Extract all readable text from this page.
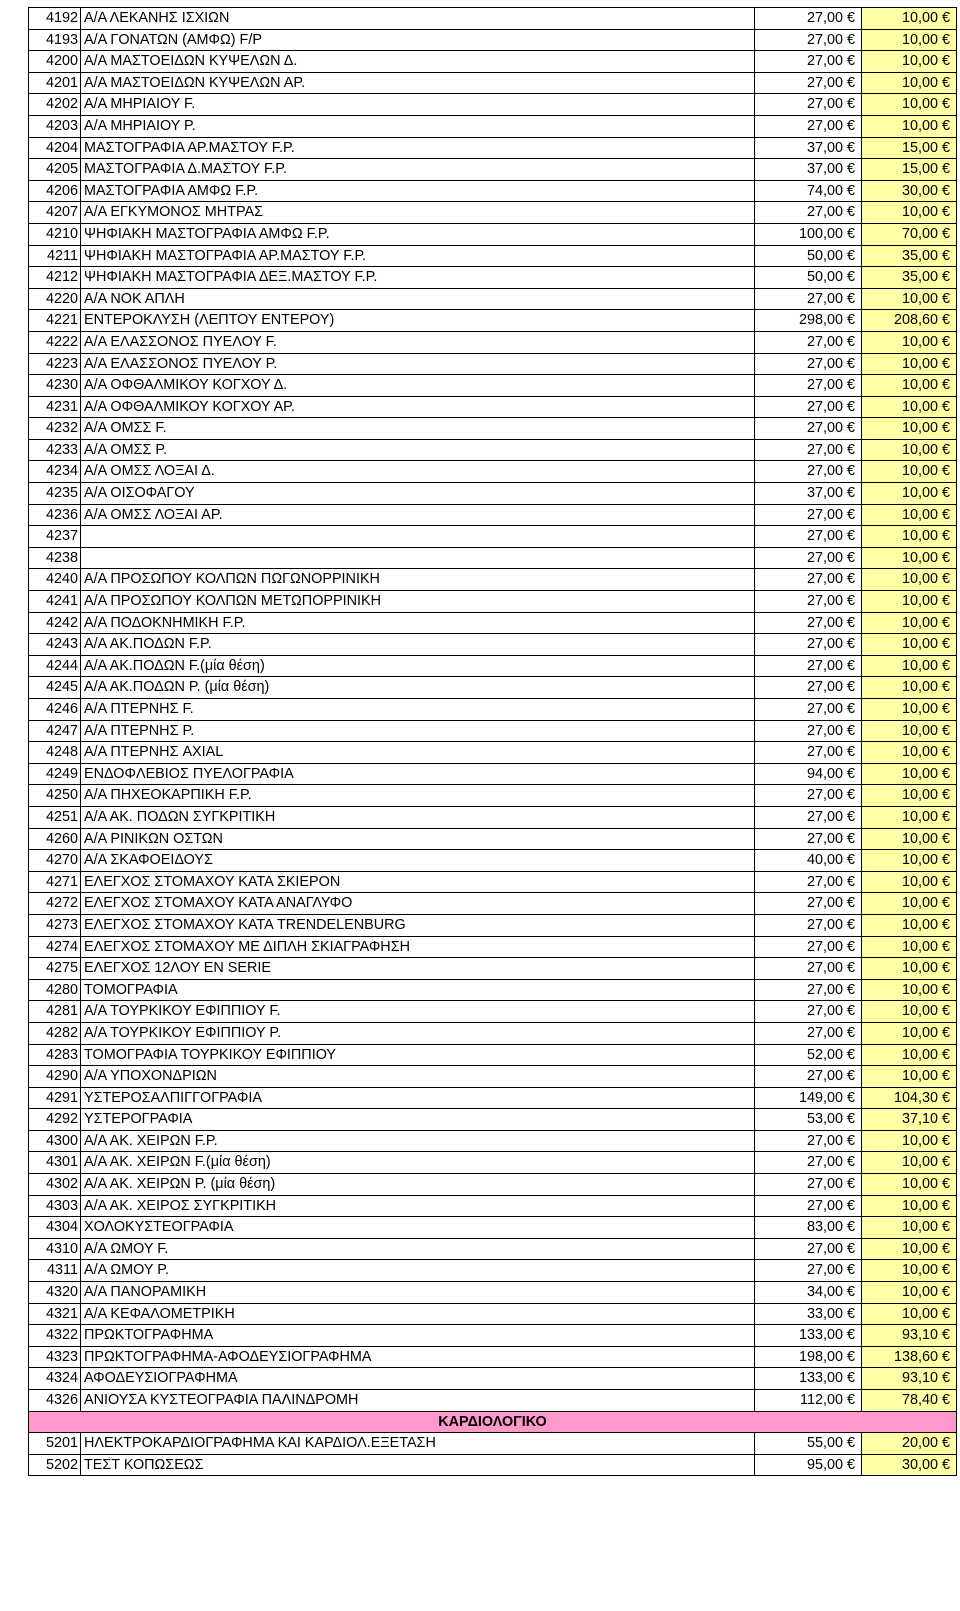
4192	Α/Α ΛΕΚΑΝΗΣ ΙΣΧΙΩΝ	27,00 €	10,00 €
4193	Α/Α ΓΟΝΑΤΩΝ (ΑΜΦΩ) F/P	27,00 €	10,00 €
4200	Α/Α ΜΑΣΤΟΕΙΔΩΝ ΚΥΨΕΛΩΝ Δ.	27,00 €	10,00 €
4201	Α/Α ΜΑΣΤΟΕΙΔΩΝ ΚΥΨΕΛΩΝ ΑΡ.	27,00 €	10,00 €
4202	Α/Α ΜΗΡΙΑΙΟΥ F.	27,00 €	10,00 €
4203	Α/Α ΜΗΡΙΑΙΟΥ Ρ.	27,00 €	10,00 €
4204	ΜΑΣΤΟΓΡΑΦΙΑ ΑΡ.ΜΑΣΤΟΥ F.P.	37,00 €	15,00 €
4205	ΜΑΣΤΟΓΡΑΦΙΑ Δ.ΜΑΣΤΟΥ F.P.	37,00 €	15,00 €
4206	ΜΑΣΤΟΓΡΑΦΙΑ ΑΜΦΩ F.P.	74,00 €	30,00 €
4207	Α/Α ΕΓΚΥΜΟΝΟΣ ΜΗΤΡΑΣ	27,00 €	10,00 €
4210	ΨΗΦΙΑΚΗ ΜΑΣΤΟΓΡΑΦΙΑ ΑΜΦΩ F.P.	100,00 €	70,00 €
4211	ΨΗΦΙΑΚΗ ΜΑΣΤΟΓΡΑΦΙΑ ΑΡ.ΜΑΣΤΟΥ F.P.	50,00 €	35,00 €
4212	ΨΗΦΙΑΚΗ ΜΑΣΤΟΓΡΑΦΙΑ ΔΕΞ.ΜΑΣΤΟΥ F.P.	50,00 €	35,00 €
4220	Α/Α ΝΟΚ ΑΠΛΗ	27,00 €	10,00 €
4221	ΕΝΤΕΡΟΚΛΥΣΗ (ΛΕΠΤΟΥ ΕΝΤΕΡΟΥ)	298,00 €	208,60 €
4222	Α/Α ΕΛΑΣΣΟΝΟΣ ΠΥΕΛΟΥ F.	27,00 €	10,00 €
4223	Α/Α ΕΛΑΣΣΟΝΟΣ ΠΥΕΛΟΥ Ρ.	27,00 €	10,00 €
4230	Α/Α ΟΦΘΑΛΜΙΚΟΥ ΚΟΓΧΟΥ Δ.	27,00 €	10,00 €
4231	Α/Α ΟΦΘΑΛΜΙΚΟΥ ΚΟΓΧΟΥ ΑΡ.	27,00 €	10,00 €
4232	Α/Α ΟΜΣΣ F.	27,00 €	10,00 €
4233	Α/Α ΟΜΣΣ Ρ.	27,00 €	10,00 €
4234	Α/Α ΟΜΣΣ ΛΟΞΑΙ Δ.	27,00 €	10,00 €
4235	Α/Α ΟΙΣΟΦΑΓΟΥ	37,00 €	10,00 €
4236	Α/Α ΟΜΣΣ ΛΟΞΑΙ ΑΡ.	27,00 €	10,00 €
4237		27,00 €	10,00 €
4238		27,00 €	10,00 €
4240	Α/Α ΠΡΟΣΩΠΟΥ ΚΟΛΠΩΝ ΠΩΓΩΝΟΡΡΙΝΙΚΗ	27,00 €	10,00 €
4241	Α/Α ΠΡΟΣΩΠΟΥ ΚΟΛΠΩΝ ΜΕΤΩΠΟΡΡΙΝΙΚΗ	27,00 €	10,00 €
4242	Α/Α ΠΟΔΟΚΝΗΜΙΚΗ F.P.	27,00 €	10,00 €
4243	Α/Α ΑΚ.ΠΟΔΩΝ F.P.	27,00 €	10,00 €
4244	Α/Α ΑΚ.ΠΟΔΩΝ F.(μία θέση)	27,00 €	10,00 €
4245	Α/Α ΑΚ.ΠΟΔΩΝ Ρ. (μία θέση)	27,00 €	10,00 €
4246	Α/Α ΠΤΕΡΝΗΣ F.	27,00 €	10,00 €
4247	Α/Α ΠΤΕΡΝΗΣ Ρ.	27,00 €	10,00 €
4248	Α/Α ΠΤΕΡΝΗΣ AXIAL	27,00 €	10,00 €
4249	ΕΝΔΟΦΛΕΒΙΟΣ ΠΥΕΛΟΓΡΑΦΙΑ	94,00 €	10,00 €
4250	Α/Α ΠΗΧΕΟΚΑΡΠΙΚΗ F.P.	27,00 €	10,00 €
4251	Α/Α ΑΚ. ΠΟΔΩΝ ΣΥΓΚΡΙΤΙΚΗ	27,00 €	10,00 €
4260	Α/Α ΡΙΝΙΚΩΝ ΟΣΤΩΝ	27,00 €	10,00 €
4270	Α/Α ΣΚΑΦΟΕΙΔΟΥΣ	40,00 €	10,00 €
4271	ΕΛΕΓΧΟΣ ΣΤΟΜΑΧΟΥ ΚΑΤΑ ΣΚΙΕΡΟΝ	27,00 €	10,00 €
4272	ΕΛΕΓΧΟΣ ΣΤΟΜΑΧΟΥ ΚΑΤΑ ΑΝΑΓΛΥΦΟ	27,00 €	10,00 €
4273	ΕΛΕΓΧΟΣ ΣΤΟΜΑΧΟΥ ΚΑΤΑ TRENDELENBURG	27,00 €	10,00 €
4274	ΕΛΕΓΧΟΣ ΣΤΟΜΑΧΟΥ ΜΕ ΔΙΠΛΗ ΣΚΙΑΓΡΑΦΗΣΗ	27,00 €	10,00 €
4275	ΕΛΕΓΧΟΣ 12ΛΟΥ ΕΝ SERIE	27,00 €	10,00 €
4280	ΤΟΜΟΓΡΑΦΙΑ	27,00 €	10,00 €
4281	Α/Α ΤΟΥΡΚΙΚΟΥ ΕΦΙΠΠΙΟΥ F.	27,00 €	10,00 €
4282	Α/Α ΤΟΥΡΚΙΚΟΥ ΕΦΙΠΠΙΟΥ Ρ.	27,00 €	10,00 €
4283	ΤΟΜΟΓΡΑΦΙΑ ΤΟΥΡΚΙΚΟΥ ΕΦΙΠΠΙΟΥ	52,00 €	10,00 €
4290	Α/Α ΥΠΟΧΟΝΔΡΙΩΝ	27,00 €	10,00 €
4291	ΥΣΤΕΡΟΣΑΛΠΙΓΓΟΓΡΑΦΙΑ	149,00 €	104,30 €
4292	ΥΣΤΕΡΟΓΡΑΦΙΑ	53,00 €	37,10 €
4300	Α/Α ΑΚ. ΧΕΙΡΩΝ F.P.	27,00 €	10,00 €
4301	Α/Α ΑΚ. ΧΕΙΡΩΝ F.(μία θέση)	27,00 €	10,00 €
4302	Α/Α ΑΚ. ΧΕΙΡΩΝ Ρ. (μία θέση)	27,00 €	10,00 €
4303	Α/Α ΑΚ. ΧΕΙΡΟΣ ΣΥΓΚΡΙΤΙΚΗ	27,00 €	10,00 €
4304	ΧΟΛΟΚΥΣΤΕΟΓΡΑΦΙΑ	83,00 €	10,00 €
4310	Α/Α ΩΜΟΥ F.	27,00 €	10,00 €
4311	Α/Α ΩΜΟΥ Ρ.	27,00 €	10,00 €
4320	Α/Α ΠΑΝΟΡΑΜΙΚΗ	34,00 €	10,00 €
4321	Α/Α ΚΕΦΑΛΟΜΕΤΡΙΚΗ	33,00 €	10,00 €
4322	ΠΡΩΚΤΟΓΡΑΦΗΜΑ	133,00 €	93,10 €
4323	ΠΡΩΚΤΟΓΡΑΦΗΜΑ-ΑΦΟΔΕΥΣΙΟΓΡΑΦΗΜΑ	198,00 €	138,60 €
4324	ΑΦΟΔΕΥΣΙΟΓΡΑΦΗΜΑ	133,00 €	93,10 €
4326	ΑΝΙΟΥΣΑ ΚΥΣΤΕΟΓΡΑΦΙΑ ΠΑΛΙΝΔΡΟΜΗ	112,00 €	78,40 €
ΚΑΡΔΙΟΛΟΓΙΚΟ			
5201	ΗΛΕΚΤΡΟΚΑΡΔΙΟΓΡΑΦΗΜΑ ΚΑΙ ΚΑΡΔΙΟΛ.ΕΞΕΤΑΣΗ	55,00 €	20,00 €
5202	ΤΕΣΤ ΚΟΠΩΣΕΩΣ	95,00 €	30,00 €
